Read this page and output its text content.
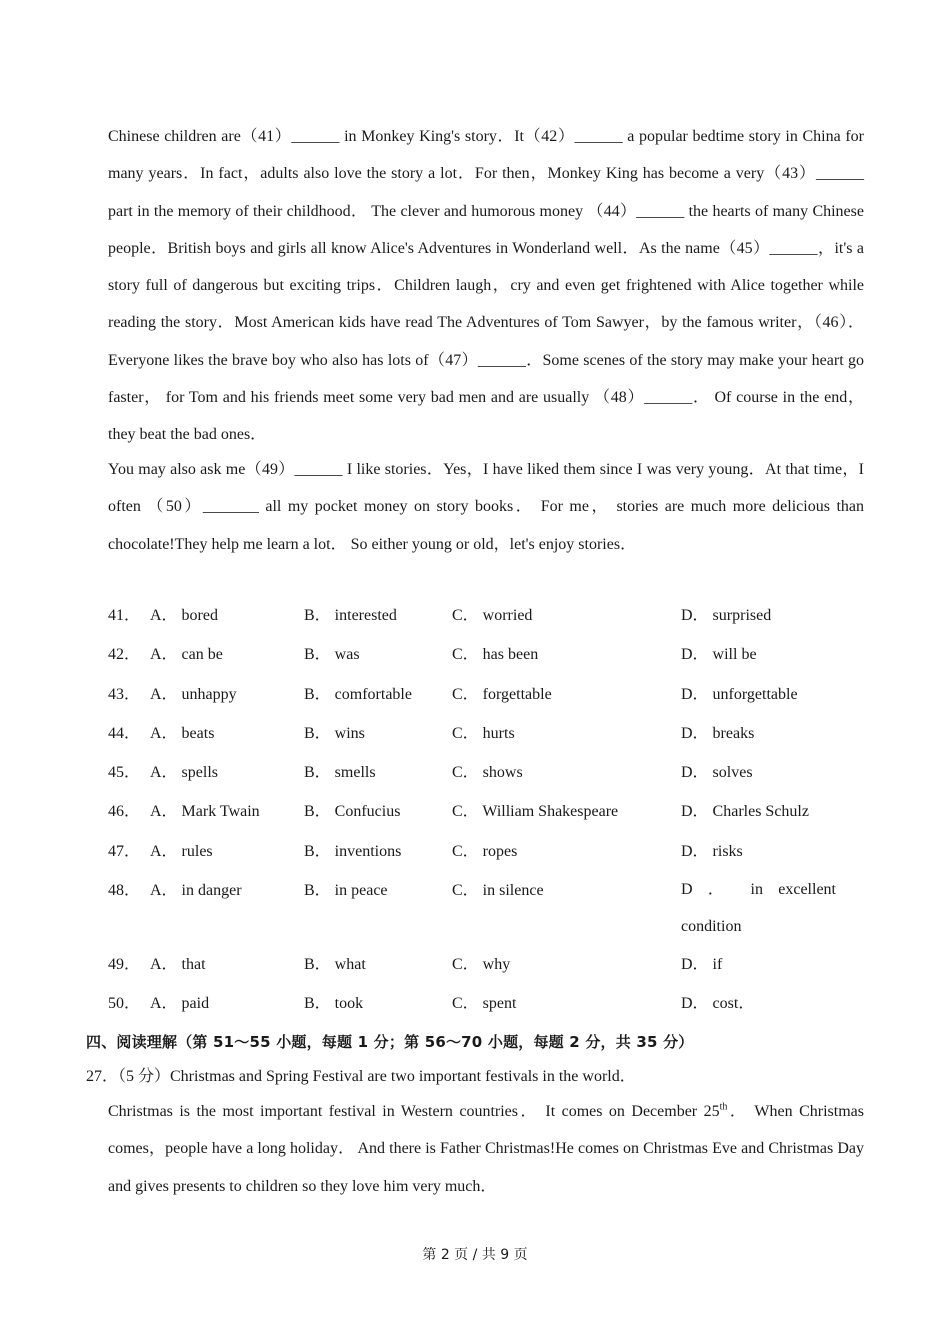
Chinese children are（41）______ in Monkey King's story．It（42）______ a popular bedtime story in China for many years．In fact，adults also love the story a lot．For then，Monkey King has become a very（43）______ part in the memory of their childhood． The clever and humorous money （44）______ the hearts of many Chinese people．British boys and girls all know Alice's Adventures in Wonderland well．As the name（45）______，it's a story full of dangerous but exciting trips．Children laugh，cry and even get frightened with Alice together while reading the story．Most American kids have read The Adventures of Tom Sawyer，by the famous writer，（46）．Everyone likes the brave boy who also has lots of（47）______．Some scenes of the story may make your heart go faster， for Tom and his friends meet some very bad men and are usually （48）______． Of course in the end，they beat the bad ones．
You may also ask me（49）______ I like stories．Yes，I have liked them since I was very young．At that time，I often （50）_______ all my pocket money on story books． For me， stories are much more delicious than chocolate!They help me learn a lot． So either young or old，let's enjoy stories．
41． A． bored	B． interested	C． worried	D． surprised
42． A． can be	B． was	C． has been	D． will be
43． A． unhappy	B． comfortable	C． forgettable	D． unforgettable
44． A． beats	B． wins	C． hurts	D． breaks
45． A． spells	B． smells	C． shows	D． solves
46． A． Mark Twain	B． Confucius	C． William Shakespeare	D． Charles Schulz
47． A． rules	B． inventions	C． ropes	D． risks
48． A． in danger	B． in peace	C． in silence	D ． in excellent condition
49． A． that	B． what	C． why	D． if
50． A． paid	B． took	C． spent	D． cost．
四、阅读理解（第 51～55 小题，每题 1 分；第 56～70 小题，每题 2 分，共 35 分）
27．（5 分）Christmas and Spring Festival are two important festivals in the world．
Christmas is the most important festival in Western countries． It comes on December 25th． When Christmas comes，people have a long holiday． And there is Father Christmas!He comes on Christmas Eve and Christmas Day and gives presents to children so they love him very much．
第 2 页 / 共 9 页
